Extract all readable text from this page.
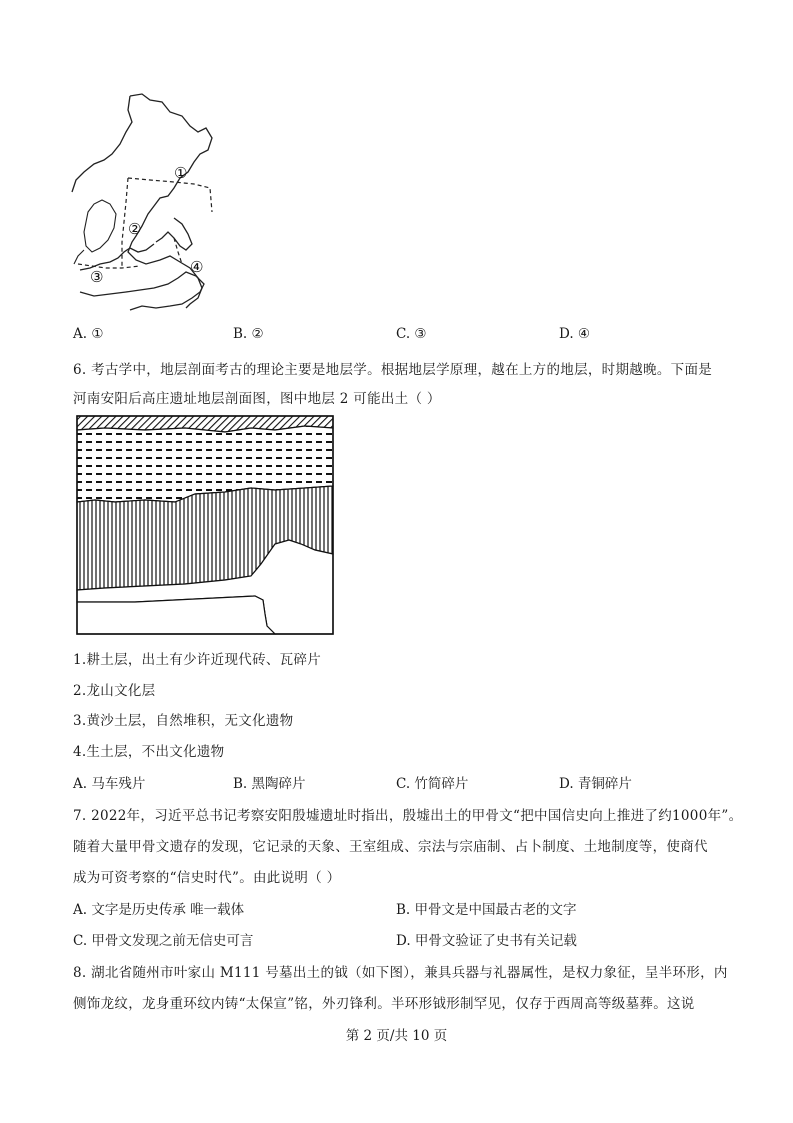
①
②
③
④
A. ①	B. ②	C. ③	D. ④
6. 考古学中，地层剖面考古的理论主要是地层学。根据地层学原理，越在上方的地层，时期越晚。下面是
河南安阳后高庄遗址地层剖面图，图中地层 2 可能出土（ ）
1.耕土层，出土有少许近现代砖、瓦碎片
2.龙山文化层
3.黄沙土层，自然堆积，无文化遗物
4.生土层，不出文化遗物
A. 马车残片	B. 黑陶碎片	C. 竹简碎片	D. 青铜碎片
7. 2022年，习近平总书记考察安阳殷墟遗址时指出，殷墟出土的甲骨文“把中国信史向上推进了约1000年”。
随着大量甲骨文遗存的发现，它记录的天象、王室组成、宗法与宗庙制、占卜制度、土地制度等，使商代
成为可资考察的“信史时代”。由此说明（ ）
A. 文字是历史传承 唯一载体	B. 甲骨文是中国最古老的文字
C. 甲骨文发现之前无信史可言	D. 甲骨文验证了史书有关记载
8. 湖北省随州市叶家山 M111 号墓出土的钺（如下图），兼具兵器与礼器属性，是权力象征，呈半环形，内
侧饰龙纹，龙身重环纹内铸“太保宣”铭，外刃锋利。半环形钺形制罕见，仅存于西周高等级墓葬。这说
第 2 页/共 10 页
